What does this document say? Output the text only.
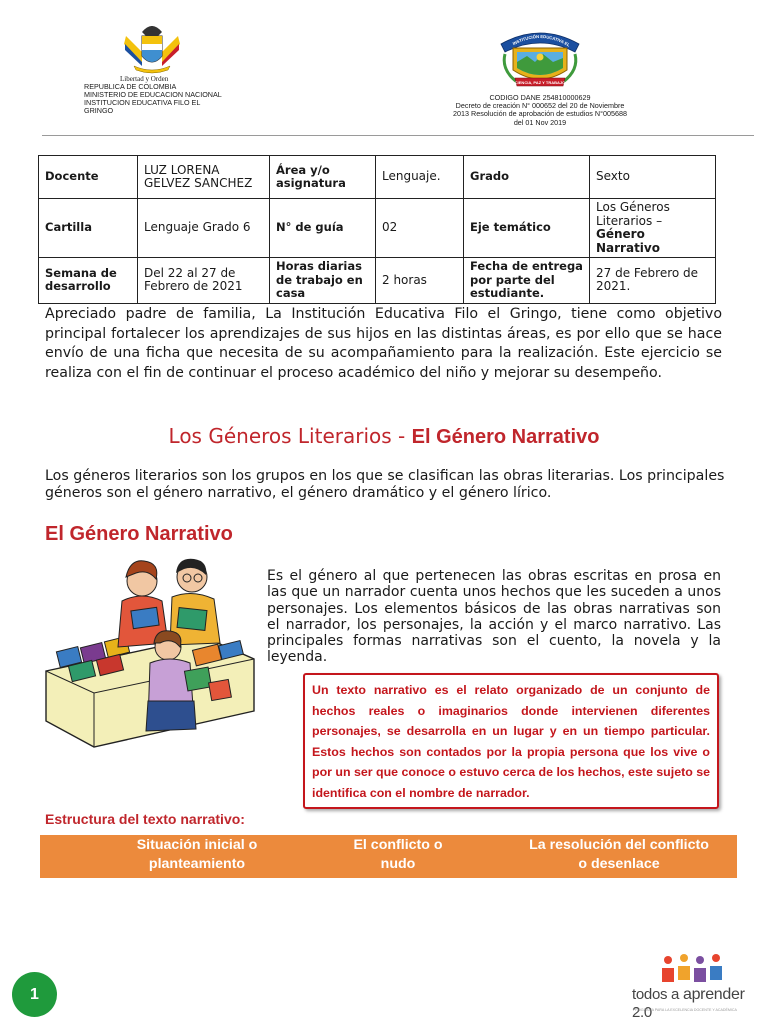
Libertad y Orden
REPUBLICA DE COLOMBIA
MINISTERIO DE EDUCACION NACIONAL
INSTITUCION EDUCATIVA FILO EL
GRINGO
INSTITUCIÓN EDUCATIVA EL
CIENCIA, PAZ Y TRABAJO
CODIGO DANE 254810000629
Decreto de creación N° 000652 del 20 de Noviembre
2013 Resolución de aprobación de estudios N°005688
del 01 Nov 2019
Docente	LUZ LORENA GELVEZ SANCHEZ	Área y/o asignatura	Lenguaje.	Grado	Sexto
Cartilla	Lenguaje Grado 6	N° de guía	02	Eje temático	Los Géneros Literarios – Género Narrativo
Semana de desarrollo	Del 22 al 27 de Febrero de 2021	Horas diarias de trabajo en casa	2 horas	Fecha de entrega por parte del estudiante.	27 de Febrero de 2021.
Apreciado padre de familia, La Institución Educativa Filo el Gringo, tiene como objetivo principal fortalecer los aprendizajes de sus hijos en las distintas áreas, es por ello que se hace envío de una ficha que necesita de su acompañamiento para la realización. Este ejercicio se realiza con el fin de continuar el proceso académico del niño y mejorar su desempeño.
Los Géneros Literarios - El Género Narrativo
Los géneros literarios son los grupos en los que se clasifican las obras literarias. Los principales géneros son el género narrativo, el género dramático y el género lírico.
El Género Narrativo
Es el género al que pertenecen las obras escritas en prosa en las que un narrador cuenta unos hechos que les suceden a unos personajes. Los elementos básicos de las obras narrativas son el narrador, los personajes, la acción y el marco narrativo. Las principales formas narrativas son el cuento, la novela y la leyenda.
Un texto narrativo es el relato organizado de un conjunto de hechos reales o imaginarios donde intervienen diferentes personajes, se desarrolla en un lugar y en un tiempo particular. Estos hechos son contados por la propia persona que los vive o por un ser que conoce o estuvo cerca de los hechos, este sujeto se identifica con el nombre de narrador.
Estructura del texto narrativo:
Situación inicial o planteamiento
El conflicto o nudo
La resolución del conflicto o desenlace
1	todos a aprender 2.0
PROGRAMA PARA LA EXCELENCIA DOCENTE Y ACADÉMICA
